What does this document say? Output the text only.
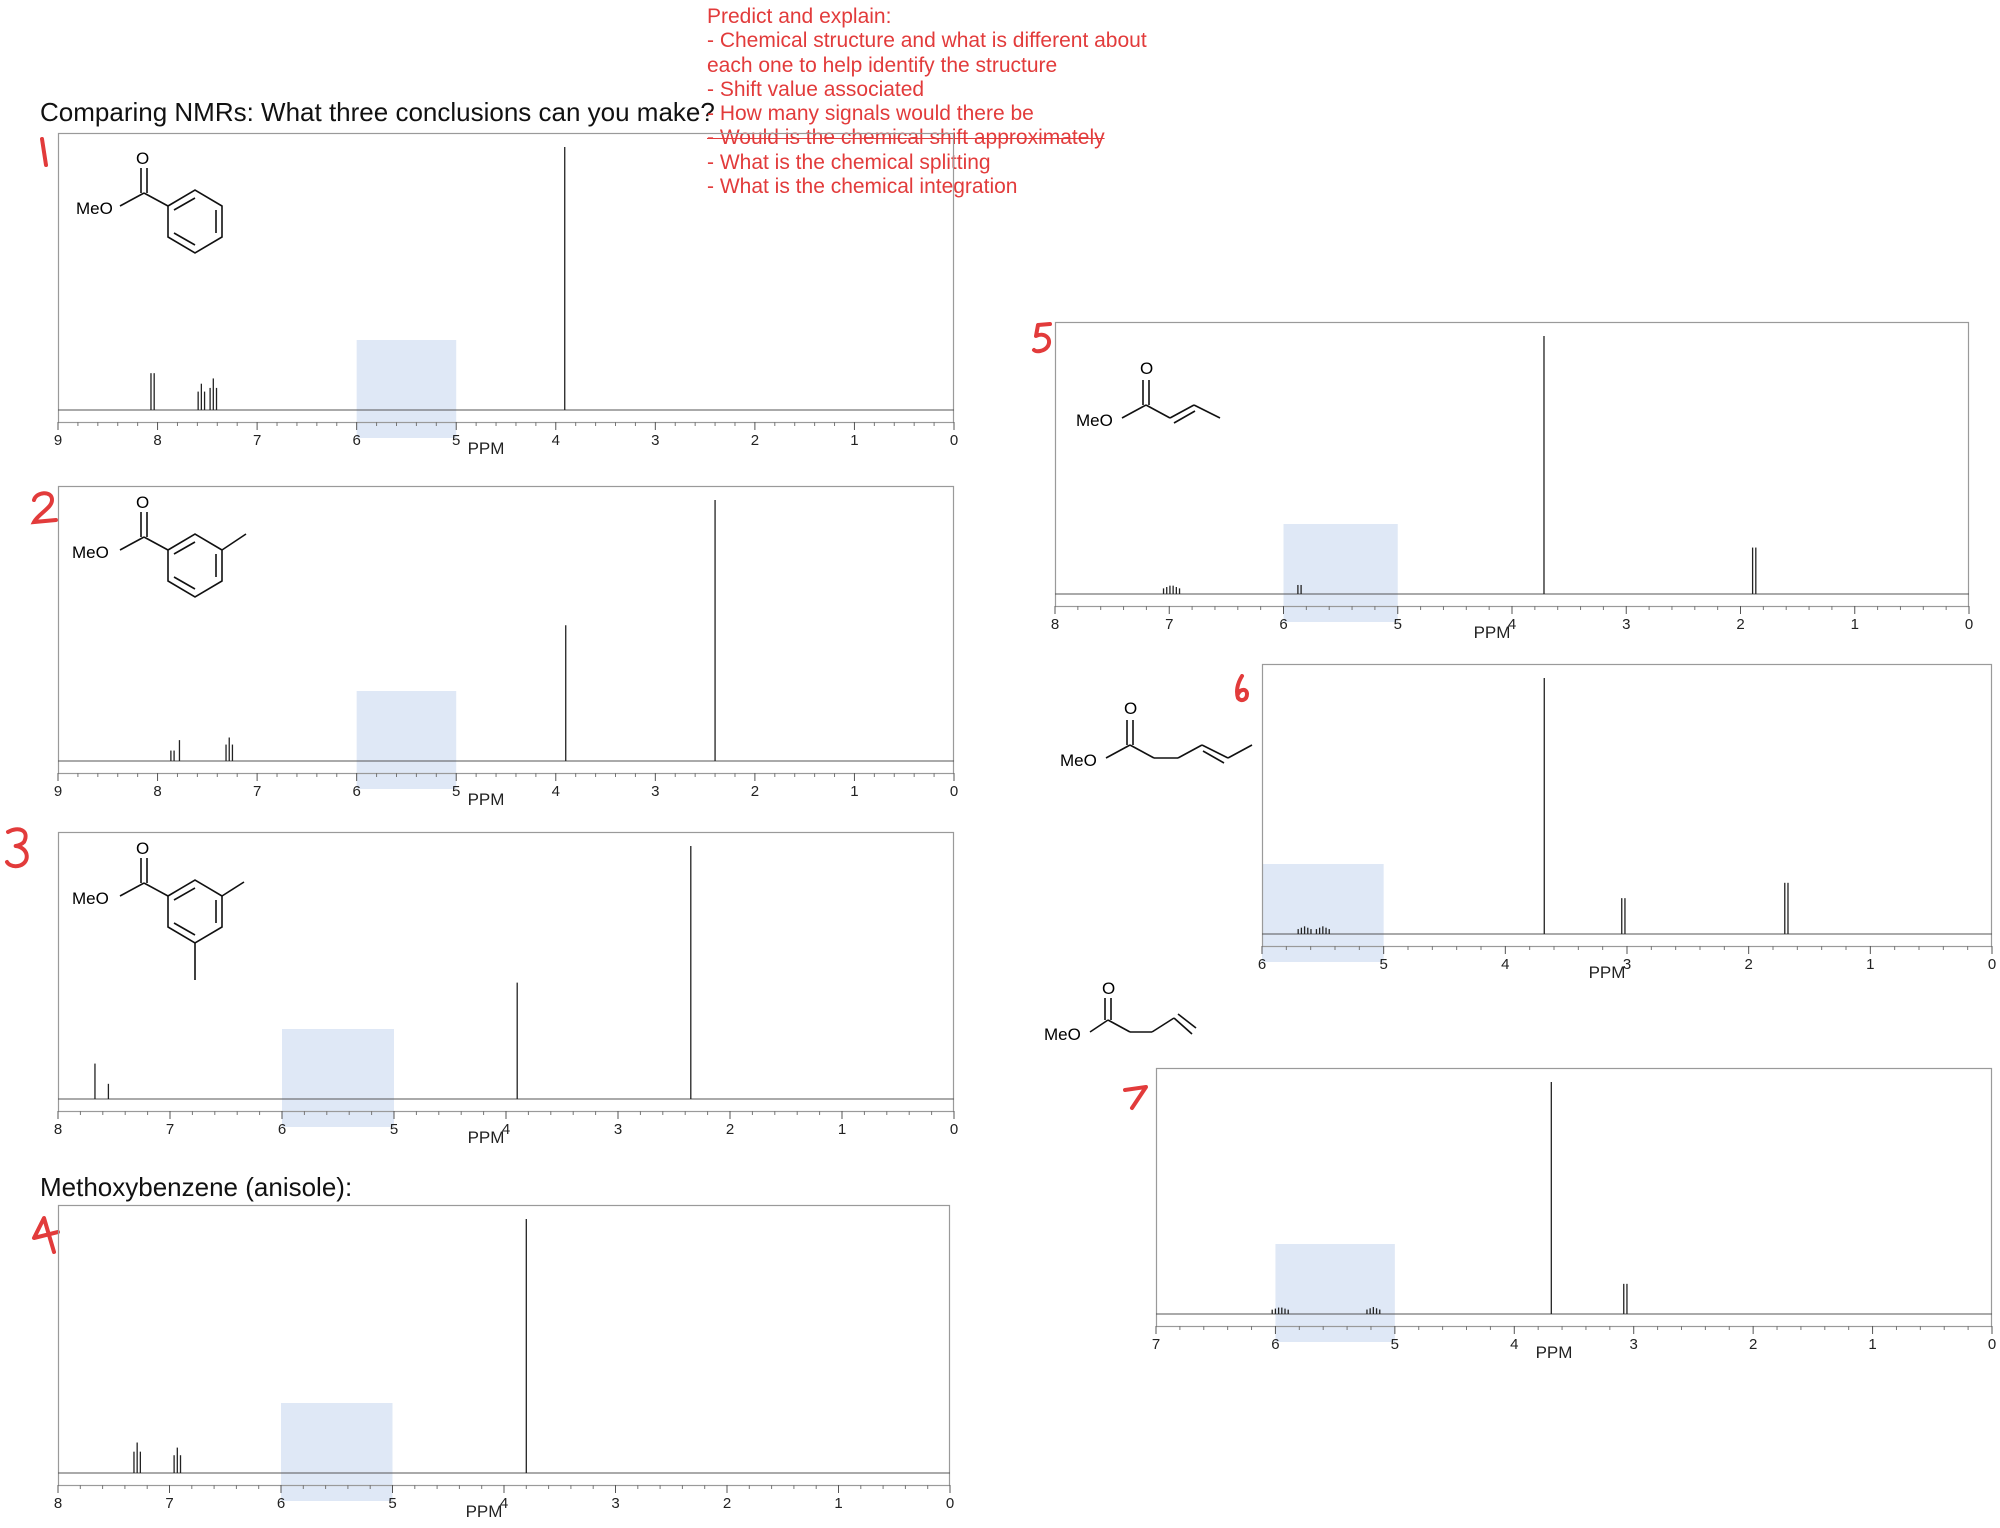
Comparing NMRs: What three conclusions can you make?
Methoxybenzene (anisole):
Predict and explain:
- Chemical structure and what is different about
each one to help identify the structure
- Shift value associated
- How many signals would there be
- Would is the chemical shift approximately
- What is the chemical splitting
- What is the chemical integration
O
MeO
O
MeO
O
MeO
O
MeO
O
MeO
O
MeO
9	8	7	6	5	4	3	2	1	0
PPM
9	8	7	6	5	4	3	2	1	0
PPM
8	7	6	5	4	3	2	1	0
PPM
8	7	6	5	4	3	2	1	0
PPM
8	7	6	5	4	3	2	1	0
PPM
6	5	4	3	2	1	0
PPM
7	6	5	4	3	2	1	0
PPM
